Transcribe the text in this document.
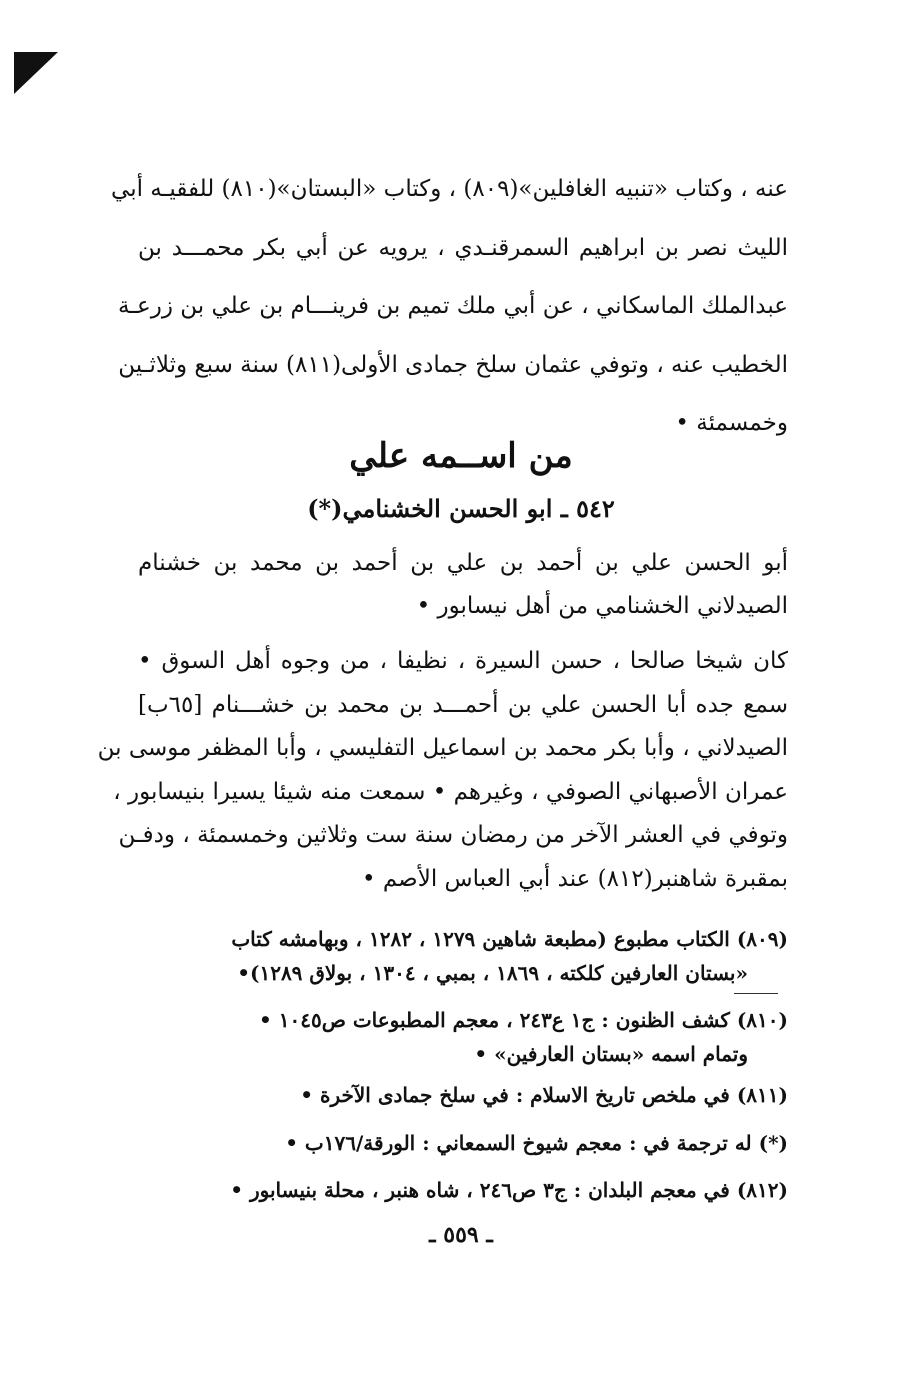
عنه ، وكتاب «تنبيه الغافلين»(٨٠٩) ، وكتاب «البستان»(٨١٠) للفقيـه أبي
الليث نصر بن ابراهيم السمرقنـدي ، يرويه عن أبي بكر محمـــد بن
عبدالملك الماسكاني ، عن أبي ملك تميم بن فرينـــام بن علي بن زرعـة
الخطيب عنه ، وتوفي عثمان سلخ جمادى الأولى(٨١١) سنة سبع وثلاثـين
وخمسمئة •
من اســمه علي
٥٤٢ ـ ابو الحسن الخشنامي(*)
أبو الحسن علي بن أحمد بن علي بن أحمد بن محمد بن خشنام
الصيدلاني الخشنامي من أهل نيسابور •
كان شيخا صالحا ، حسن السيرة ، نظيفا ، من وجوه أهل السوق •
سمع جده أبا الحسن علي بن أحمـــد بن محمد بن خشـــنام [٦٥ب]
الصيدلاني ، وأبا بكر محمد بن اسماعيل التفليسي ، وأبا المظفر موسى بن
عمران الأصبهاني الصوفي ، وغيرهم • سمعت منه شيئا يسيرا بنيسابور ،
وتوفي في العشر الآخر من رمضان سنة ست وثلاثين وخمسمئة ، ودفـن
بمقبرة شاهنبر(٨١٢) عند أبي العباس الأصم •
(٨٠٩) الكتاب مطبوع (مطبعة شاهين ١٢٧٩ ، ١٢٨٢ ، وبهامشه كتاب
«بستان العارفين كلكته ، ١٨٦٩ ، بمبي ، ١٣٠٤ ، بولاق ١٢٨٩)•
(٨١٠) كشف الظنون : ج١ ع٢٤٣ ، معجم المطبوعات ص١٠٤٥ •
وتمام اسمه «بستان العارفين» •
(٨١١) في ملخص تاريخ الاسلام : في سلخ جمادى الآخرة •
(*) له ترجمة في : معجم شيوخ السمعاني : الورقة/١٧٦ب •
(٨١٢) في معجم البلدان : ج٣ ص٢٤٦ ، شاه هنبر ، محلة بنيسابور •
ـ ٥٥٩ ـ
